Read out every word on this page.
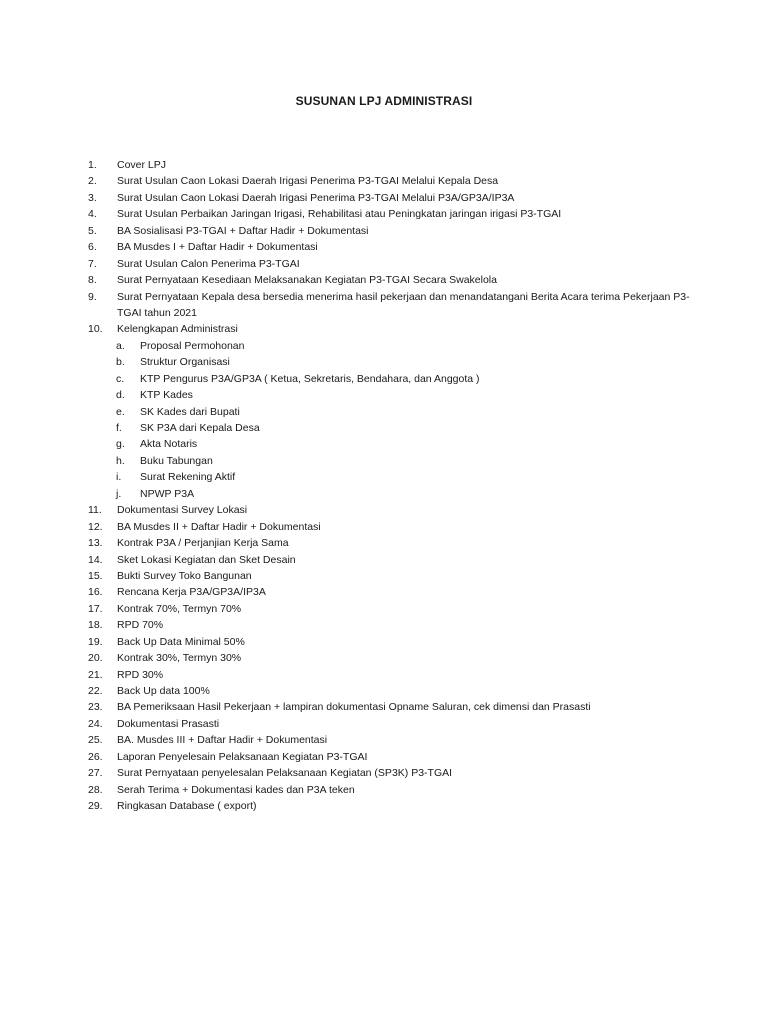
SUSUNAN LPJ ADMINISTRASI
1.	Cover LPJ
2.	Surat Usulan Caon Lokasi Daerah Irigasi Penerima P3-TGAI Melalui Kepala Desa
3.	Surat Usulan Caon Lokasi Daerah Irigasi Penerima P3-TGAI Melalui P3A/GP3A/IP3A
4.	Surat Usulan Perbaikan Jaringan Irigasi, Rehabilitasi atau Peningkatan jaringan irigasi P3-TGAI
5.	BA Sosialisasi P3-TGAI + Daftar Hadir + Dokumentasi
6.	BA Musdes I + Daftar Hadir + Dokumentasi
7.	Surat Usulan Calon Penerima P3-TGAI
8.	Surat Pernyataan Kesediaan Melaksanakan Kegiatan P3-TGAI Secara Swakelola
9.	Surat Pernyataan Kepala desa bersedia menerima hasil pekerjaan dan menandatangani Berita Acara terima Pekerjaan P3-
TGAI tahun 2021
10.	Kelengkapan Administrasi
a.	Proposal Permohonan
b.	Struktur Organisasi
c.	KTP Pengurus P3A/GP3A ( Ketua, Sekretaris, Bendahara, dan Anggota )
d.	KTP Kades
e.	SK Kades dari Bupati
f.	SK P3A dari Kepala Desa
g.	Akta Notaris
h.	Buku Tabungan
i.	Surat Rekening Aktif
j.	NPWP P3A
11.	Dokumentasi Survey Lokasi
12.	BA Musdes II + Daftar Hadir + Dokumentasi
13.	Kontrak P3A / Perjanjian Kerja Sama
14.	Sket Lokasi Kegiatan dan Sket Desain
15.	Bukti Survey Toko Bangunan
16.	Rencana Kerja P3A/GP3A/IP3A
17.	Kontrak 70%, Termyn 70%
18.	RPD 70%
19.	Back Up Data Minimal 50%
20.	Kontrak 30%, Termyn 30%
21.	RPD 30%
22.	Back Up data 100%
23.	BA Pemeriksaan Hasil Pekerjaan + lampiran dokumentasi Opname Saluran, cek dimensi dan Prasasti
24.	Dokumentasi Prasasti
25.	BA. Musdes III + Daftar Hadir + Dokumentasi
26.	Laporan Penyelesain Pelaksanaan Kegiatan P3-TGAI
27.	Surat Pernyataan penyelesalan Pelaksanaan Kegiatan (SP3K) P3-TGAI
28.	Serah Terima + Dokumentasi kades dan P3A teken
29.	Ringkasan Database ( export)
